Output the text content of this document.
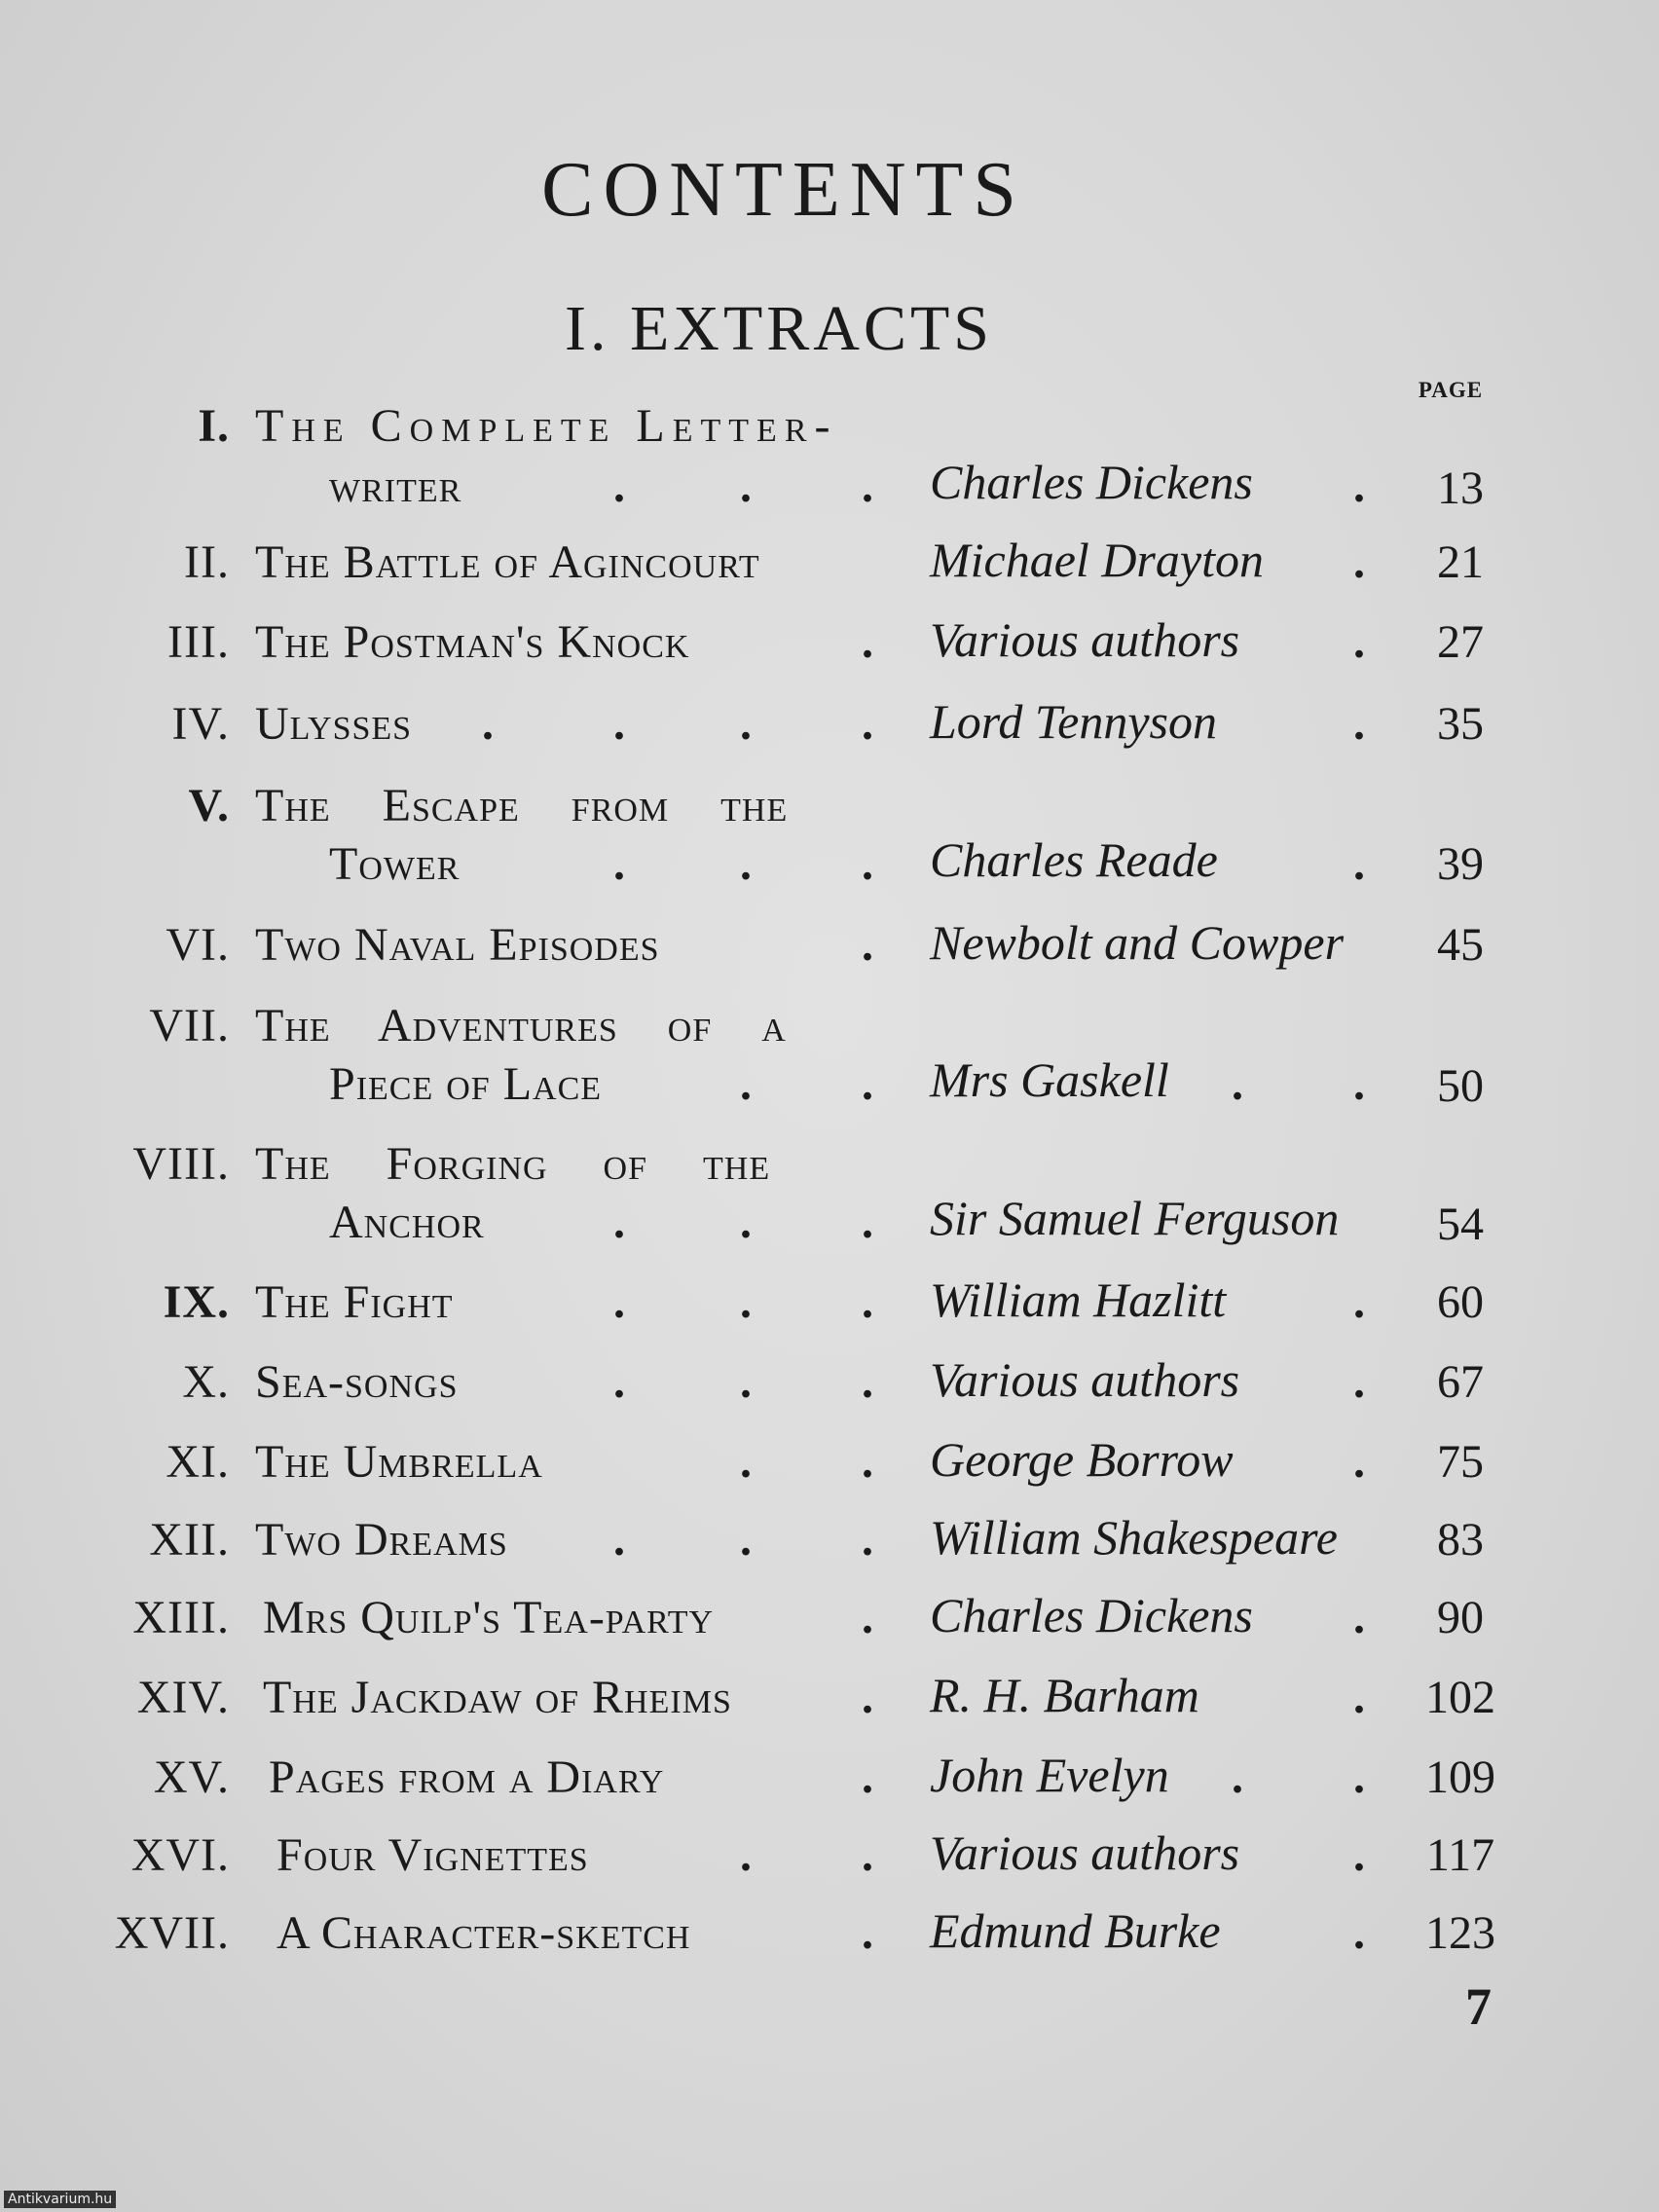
CONTENTS
I. EXTRACTS
PAGE
I. The Complete Letter-
writer	. . . Charles Dickens .	13
II. The Battle of Agincourt	Michael Drayton .	21
III. The Postman's Knock	. Various authors .	27
IV. Ulysses	.	. . . Lord Tennyson	.	35
V. The Escape from the
Tower	. . . Charles Reade	.	39
VI. Two Naval Episodes	. Newbolt and Cowper	45
VII. The Adventures of a
Piece of Lace	. . Mrs Gaskell . .	50
VIII. The Forging of the
Anchor	. . . Sir Samuel Ferguson	54
IX. The Fight	. . . William Hazlitt	.	60
X. Sea-songs	. . . Various authors .	67
XI. The Umbrella	. . George Borrow	.	75
XII. Two Dreams	. . . William Shakespeare	83
XIII. Mrs Quilp's Tea-party	. Charles Dickens .	90
XIV. The Jackdaw of Rheims	. R. H. Barham	. 102
XV. Pages from a Diary	. John Evelyn . . 109
XVI. Four Vignettes	. . Various authors . 117
XVII. A Character-sketch	. Edmund Burke	. 123
7
Antikvarium.hu
